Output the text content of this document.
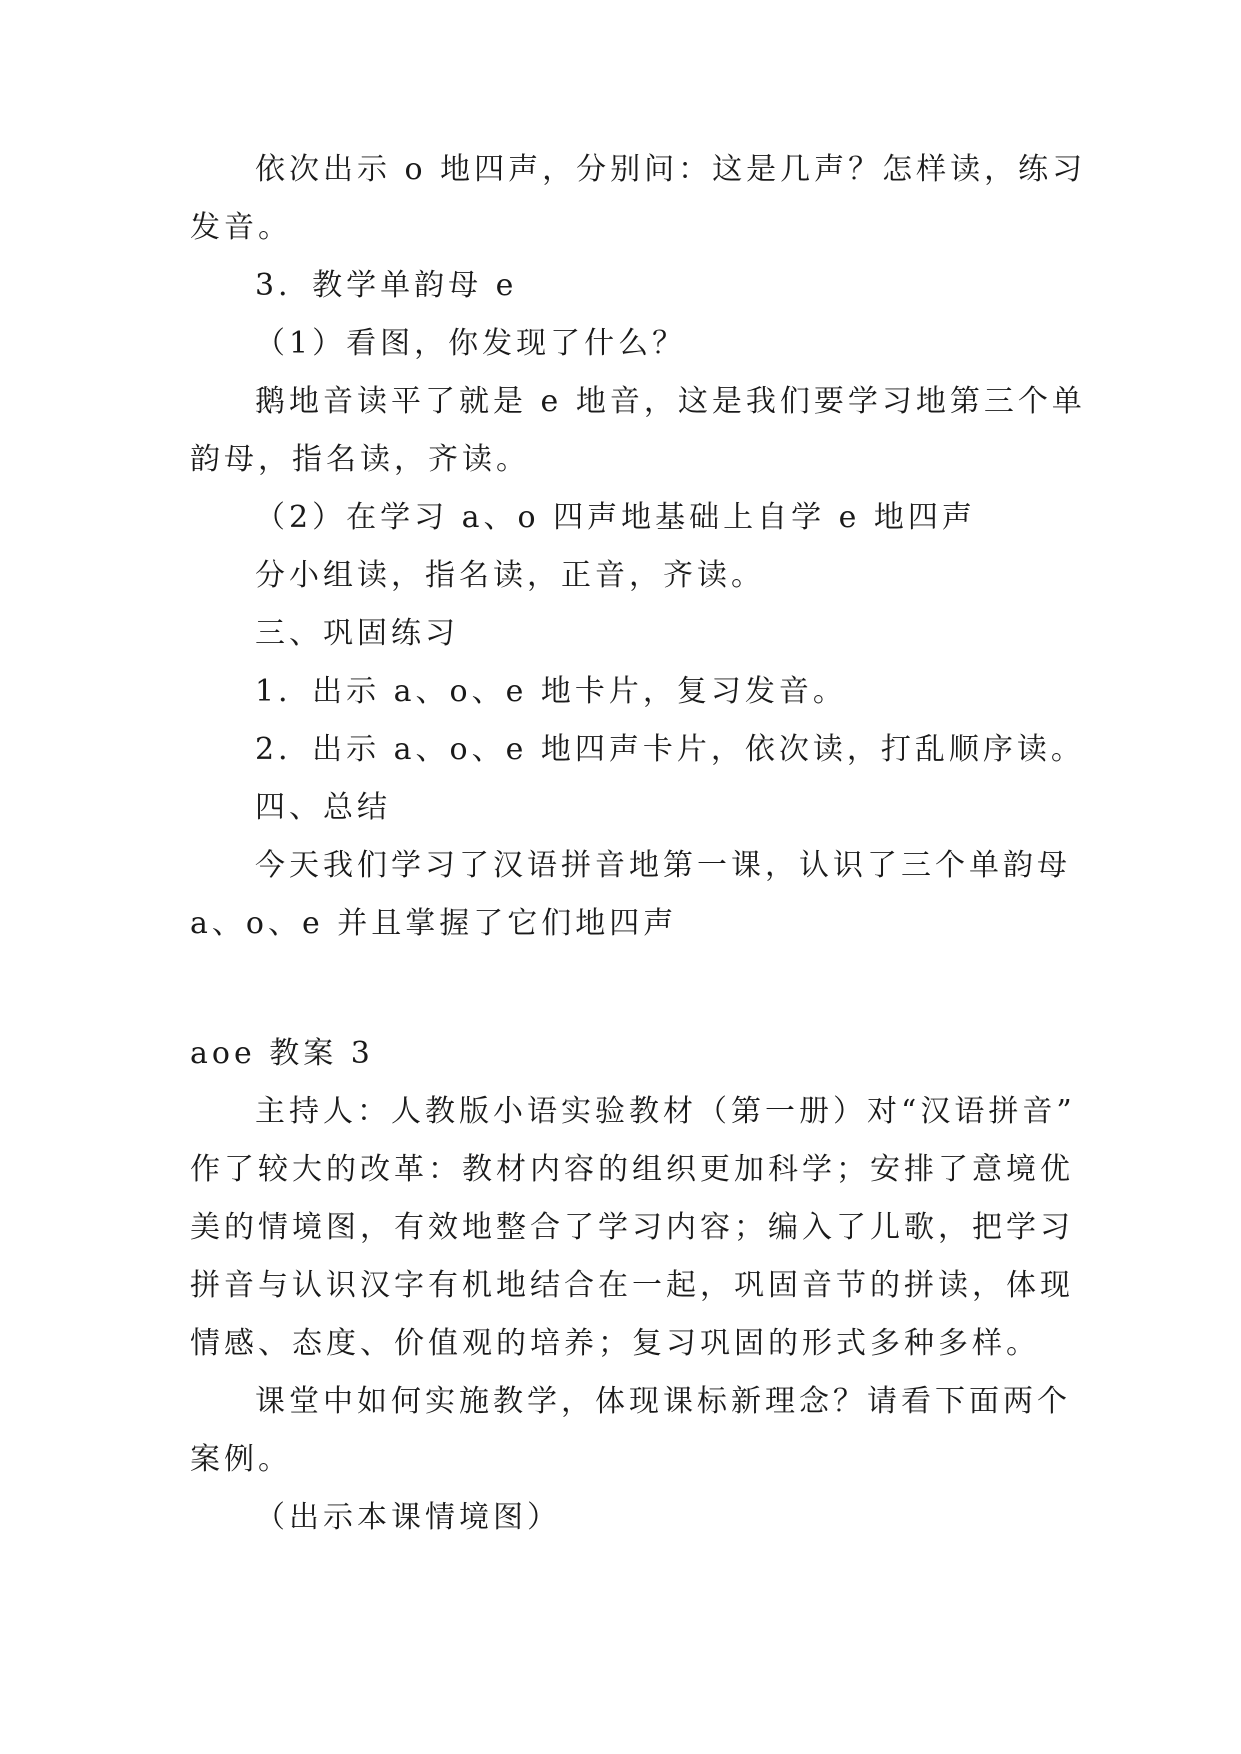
依次出示 o 地四声，分别问：这是几声？怎样读，练习
发音。
3．教学单韵母 e
（1）看图，你发现了什么？
鹅地音读平了就是 e 地音，这是我们要学习地第三个单
韵母，指名读，齐读。
（2）在学习 a、o 四声地基础上自学 e 地四声
分小组读，指名读，正音，齐读。
三、巩固练习
1．出示 a、o、e 地卡片，复习发音。
2．出示 a、o、e 地四声卡片，依次读，打乱顺序读。
四、总结
今天我们学习了汉语拼音地第一课，认识了三个单韵母
a、o、e 并且掌握了它们地四声
aoe 教案 3
主持人：人教版小语实验教材（第一册）对“汉语拼音”
作了较大的改革：教材内容的组织更加科学；安排了意境优
美的情境图，有效地整合了学习内容；编入了儿歌，把学习
拼音与认识汉字有机地结合在一起，巩固音节的拼读，体现
情感、态度、价值观的培养；复习巩固的形式多种多样。
课堂中如何实施教学，体现课标新理念？请看下面两个
案例。
（出示本课情境图）
